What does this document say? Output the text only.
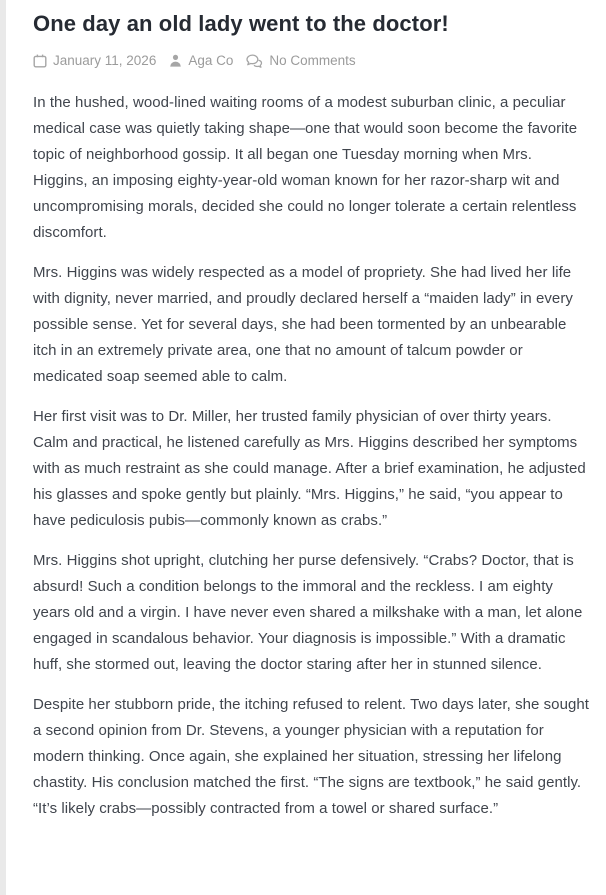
One day an old lady went to the doctor!
January 11, 2026 Aga Co	No Comments

In the hushed, wood-lined waiting rooms of a modest suburban clinic, a peculiar medical case was quietly taking shape—one that would soon become the favorite topic of neighborhood gossip. It all began one Tuesday morning when Mrs. Higgins, an imposing eighty-year-old woman known for her razor-sharp wit and uncompromising morals, decided she could no longer tolerate a certain relentless discomfort.

Mrs. Higgins was widely respected as a model of propriety. She had lived her life with dignity, never married, and proudly declared herself a “maiden lady” in every possible sense. Yet for several days, she had been tormented by an unbearable itch in an extremely private area, one that no amount of talcum powder or medicated soap seemed able to calm.

Her first visit was to Dr. Miller, her trusted family physician of over thirty years. Calm and practical, he listened carefully as Mrs. Higgins described her symptoms with as much restraint as she could manage. After a brief examination, he adjusted his glasses and spoke gently but plainly. “Mrs. Higgins,” he said, “you appear to have pediculosis pubis—commonly known as crabs.”

Mrs. Higgins shot upright, clutching her purse defensively. “Crabs? Doctor, that is absurd! Such a condition belongs to the immoral and the reckless. I am eighty years old and a virgin. I have never even shared a milkshake with a man, let alone engaged in scandalous behavior. Your diagnosis is impossible.” With a dramatic huff, she stormed out, leaving the doctor staring after her in stunned silence.

Despite her stubborn pride, the itching refused to relent. Two days later, she sought a second opinion from Dr. Stevens, a younger physician with a reputation for modern thinking. Once again, she explained her situation, stressing her lifelong chastity. His conclusion matched the first. “The signs are textbook,” he said gently. “It’s likely crabs—possibly contracted from a towel or shared surface.”
